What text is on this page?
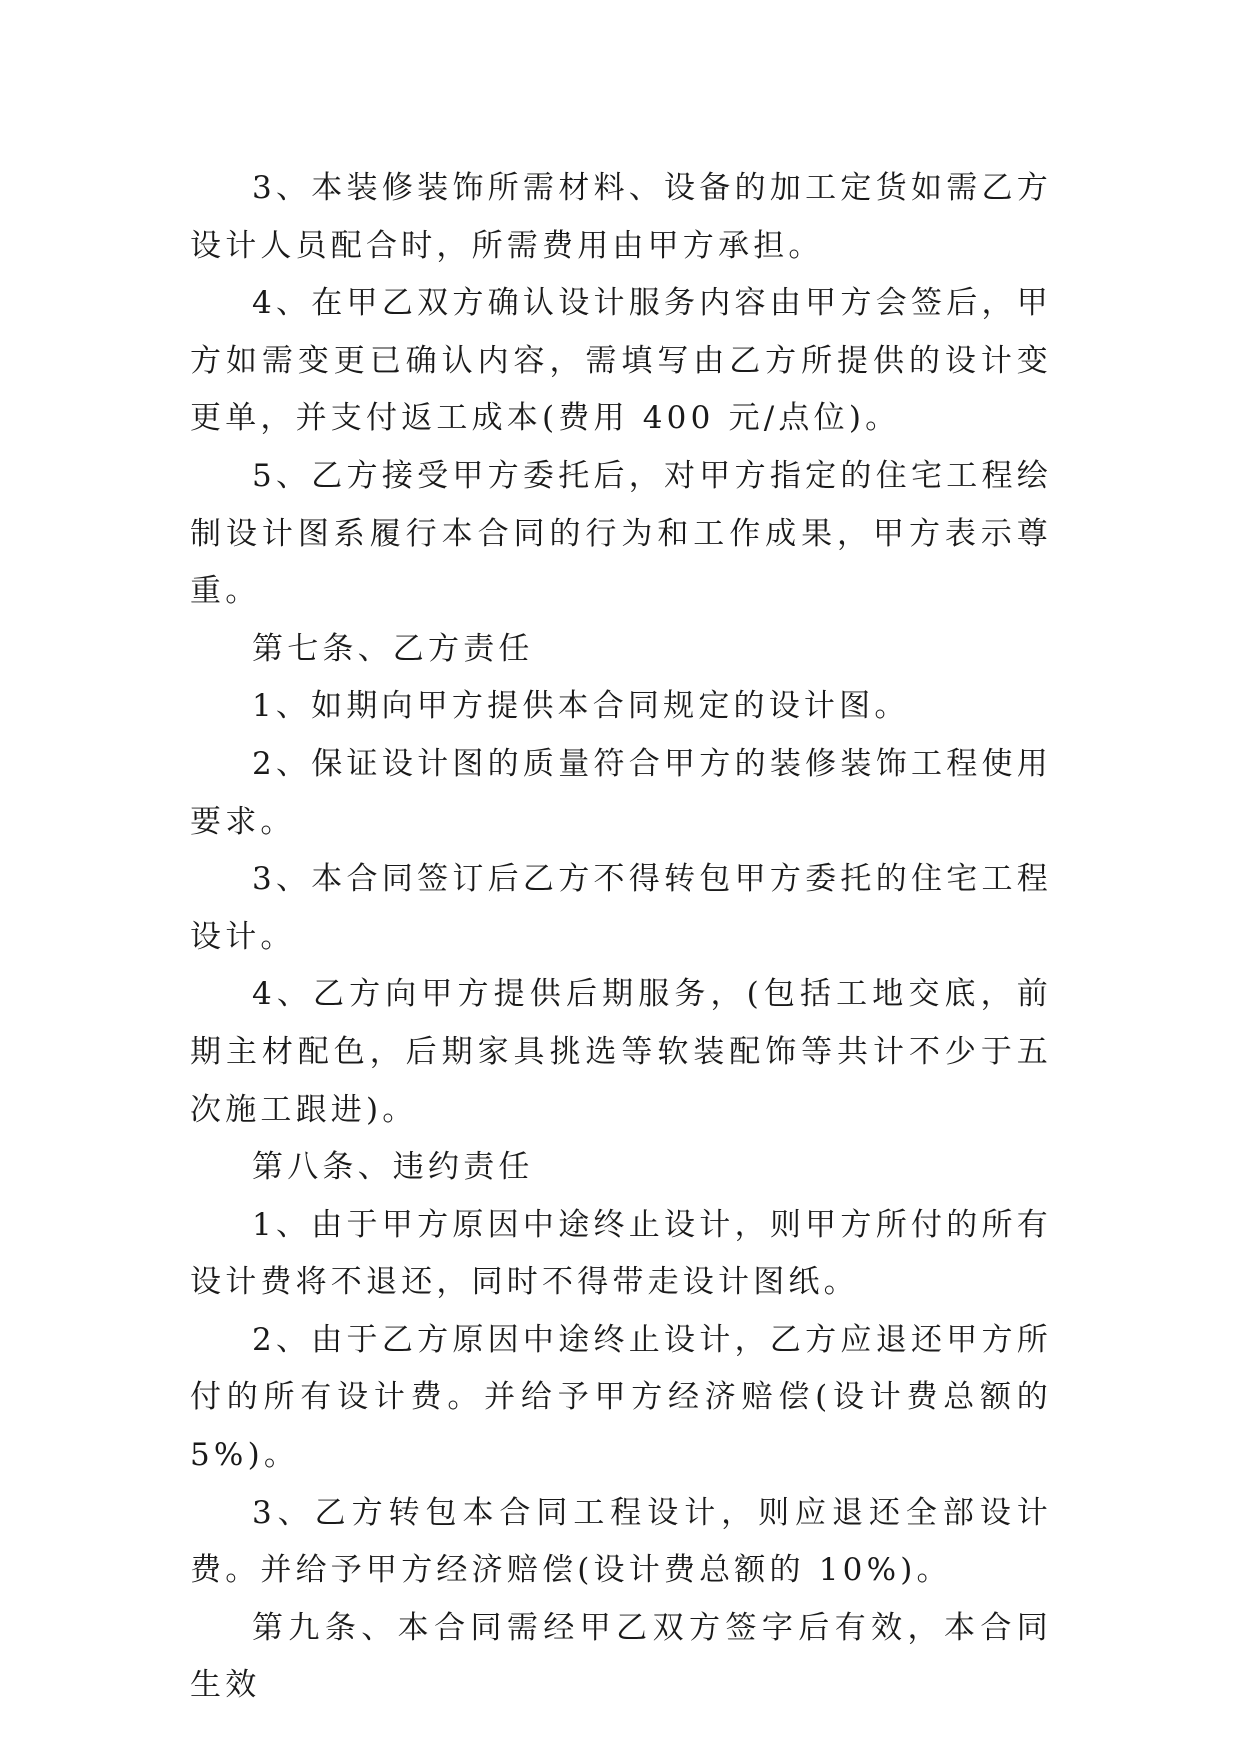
3、本装修装饰所需材料、设备的加工定货如需乙方设计人员配合时，所需费用由甲方承担。

4、在甲乙双方确认设计服务内容由甲方会签后，甲方如需变更已确认内容，需填写由乙方所提供的设计变更单，并支付返工成本(费用 400 元/点位)。

5、乙方接受甲方委托后，对甲方指定的住宅工程绘制设计图系履行本合同的行为和工作成果，甲方表示尊重。

第七条、乙方责任

1、如期向甲方提供本合同规定的设计图。

2、保证设计图的质量符合甲方的装修装饰工程使用要求。

3、本合同签订后乙方不得转包甲方委托的住宅工程设计。

4、乙方向甲方提供后期服务，(包括工地交底，前期主材配色，后期家具挑选等软装配饰等共计不少于五次施工跟进)。

第八条、违约责任

1、由于甲方原因中途终止设计，则甲方所付的所有设计费将不退还，同时不得带走设计图纸。

2、由于乙方原因中途终止设计，乙方应退还甲方所付的所有设计费。并给予甲方经济赔偿(设计费总额的 5%)。

3、乙方转包本合同工程设计，则应退还全部设计费。并给予甲方经济赔偿(设计费总额的 10%)。

第九条、本合同需经甲乙双方签字后有效，本合同生效
